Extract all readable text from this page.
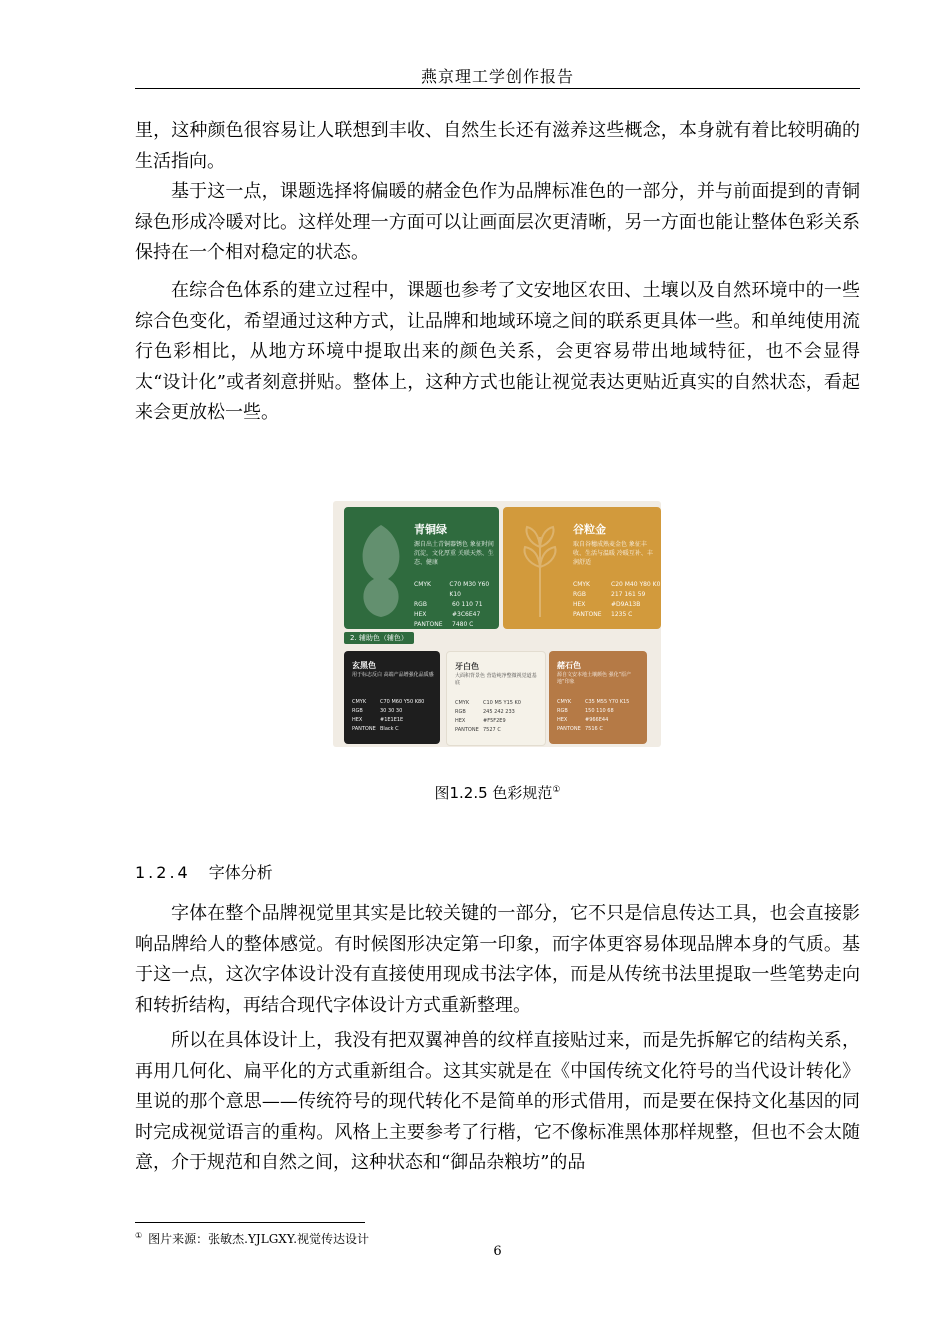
燕京理工学创作报告

里，这种颜色很容易让人联想到丰收、自然生长还有滋养这些概念，本身就有着比较明确的生活指向。

基于这一点，课题选择将偏暖的赭金色作为品牌标准色的一部分，并与前面提到的青铜绿色形成冷暖对比。这样处理一方面可以让画面层次更清晰，另一方面也能让整体色彩关系保持在一个相对稳定的状态。

在综合色体系的建立过程中，课题也参考了文安地区农田、土壤以及自然环境中的一些综合色变化，希望通过这种方式，让品牌和地域环境之间的联系更具体一些。和单纯使用流行色彩相比，从地方环境中提取出来的颜色关系，会更容易带出地域特征，也不会显得太“设计化”或者刻意拼贴。整体上，这种方式也能让视觉表达更贴近真实的自然状态，看起来会更放松一些。

青铜绿
源自出土青铜器锈色 象征时间沉淀，文化厚重 关联天然、生态、健康
CMYK	C70 M30 Y60 K10
RGB	60 110 71
HEX	#3C6E47
PANTONE	7480 C
谷粒金
取自谷穗成熟麦金色 象征丰收、生活与温暖 冷暖互补、丰润舒适
CMYK	C20 M40 Y80 K0
RGB	217 161 59
HEX	#D9A13B
PANTONE	1235 C
2. 辅助色（辅色）
玄黑色
用于标志反白 高端产品增强化品质感
CMYK	C70 M60 Y50 K80
RGB	30 30 30
HEX	#1E1E1E
PANTONE Black C
牙白色
大面积背景色 营造纯净整微视觉道基底
CMYK	C10 M5 Y15 K0
RGB	245 242 233
HEX	#F5F2E9
PANTONE 7527 C
赭石色
源自文安本地土壤颜色 强化“原产地”印象
CMYK	C35 M55 Y70 K15
RGB	150 110 68
HEX	#966E44
PANTONE 7516 C
图1.2.5 色彩规范①
1.2.4 字体分析

字体在整个品牌视觉里其实是比较关键的一部分，它不只是信息传达工具，也会直接影响品牌给人的整体感觉。有时候图形决定第一印象，而字体更容易体现品牌本身的气质。基于这一点，这次字体设计没有直接使用现成书法字体，而是从传统书法里提取一些笔势走向和转折结构，再结合现代字体设计方式重新整理。

所以在具体设计上，我没有把双翼神兽的纹样直接贴过来，而是先拆解它的结构关系，再用几何化、扁平化的方式重新组合。这其实就是在《中国传统文化符号的当代设计转化》里说的那个意思——传统符号的现代转化不是简单的形式借用，而是要在保持文化基因的同时完成视觉语言的重构。风格上主要参考了行楷，它不像标准黑体那样规整，但也不会太随意，介于规范和自然之间，这种状态和“御品杂粮坊”的品

① 图片来源：张敏杰.YJLGXY.视觉传达设计
6
